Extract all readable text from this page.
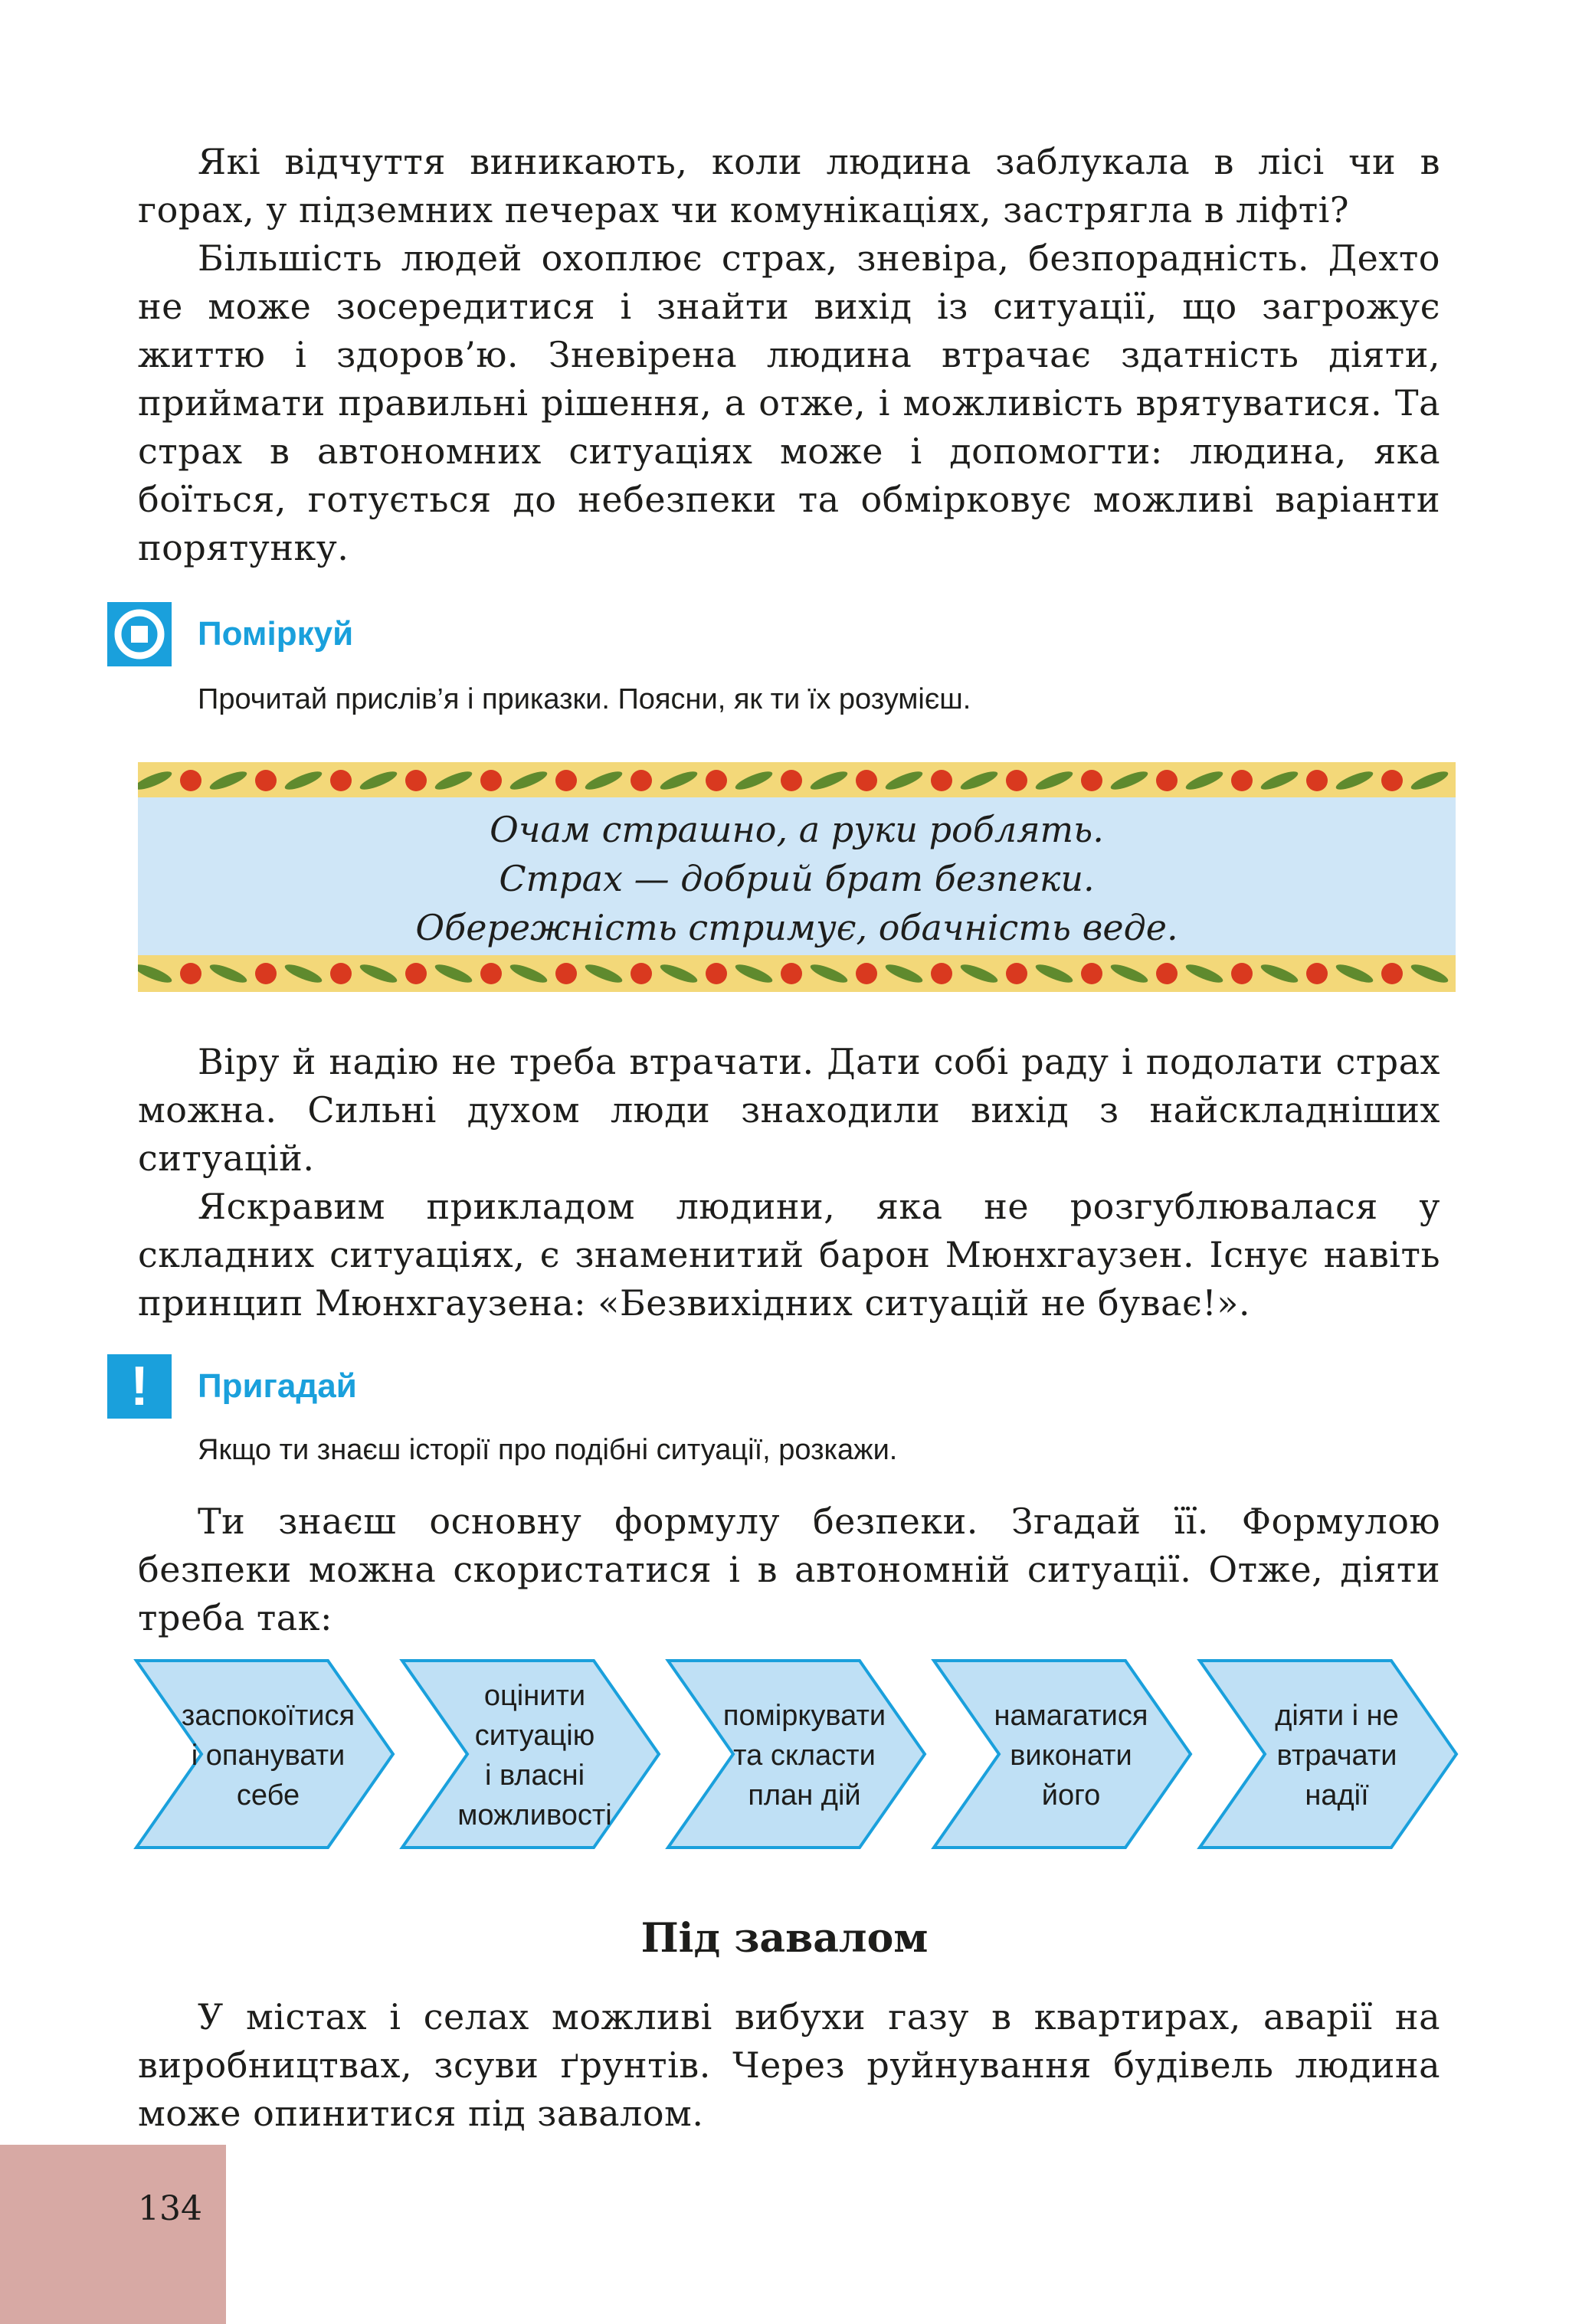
Які відчуття виникають, коли людина заблукала в лісі чи в горах, у підземних печерах чи комунікаціях, застрягла в ліфті?

Більшість людей охоплює страх, зневіра, безпорадність. Дехто не може зосередитися і знайти вихід із ситуації, що загрожує життю і здоров’ю. Зневірена людина втрачає здатність діяти, приймати правильні рішення, а отже, і можливість врятуватися. Та страх в автономних ситуаціях може і допомогти: людина, яка боїться, готується до небезпеки та обмірковує можливі варіанти порятунку.

Поміркуй

Прочитай прислів’я і приказки. Поясни, як ти їх розумієш.

Очам страшно, а руки роблять.
Страх — добрий брат безпеки.
Обережність стримує, обачність веде.

Віру й надію не треба втрачати. Дати собі раду і подолати страх можна. Сильні духом люди знаходили вихід з найскладніших ситуацій.

Яскравим прикладом людини, яка не розгублювалася у складних ситуаціях, є знаменитий барон Мюнхгаузен. Існує навіть принцип Мюнхгаузена: «Безвихідних ситуацій не буває!».

! Пригадай

Якщо ти знаєш історії про подібні ситуації, розкажи.

Ти знаєш основну формулу безпеки. Згадай її. Формулою безпеки можна скористатися і в автономній ситуації. Отже, діяти треба так:

заспокоїтися
і опанувати
себе
оцінити
ситуацію
і власні
можливості
поміркувати
та скласти
план дій
намагатися
виконати
його
діяти і не
втрачати
надії
Під завалом

У містах і селах можливі вибухи газу в квартирах, аварії на виробництвах, зсуви ґрунтів. Через руйнування будівель людина може опинитися під завалом.

134
